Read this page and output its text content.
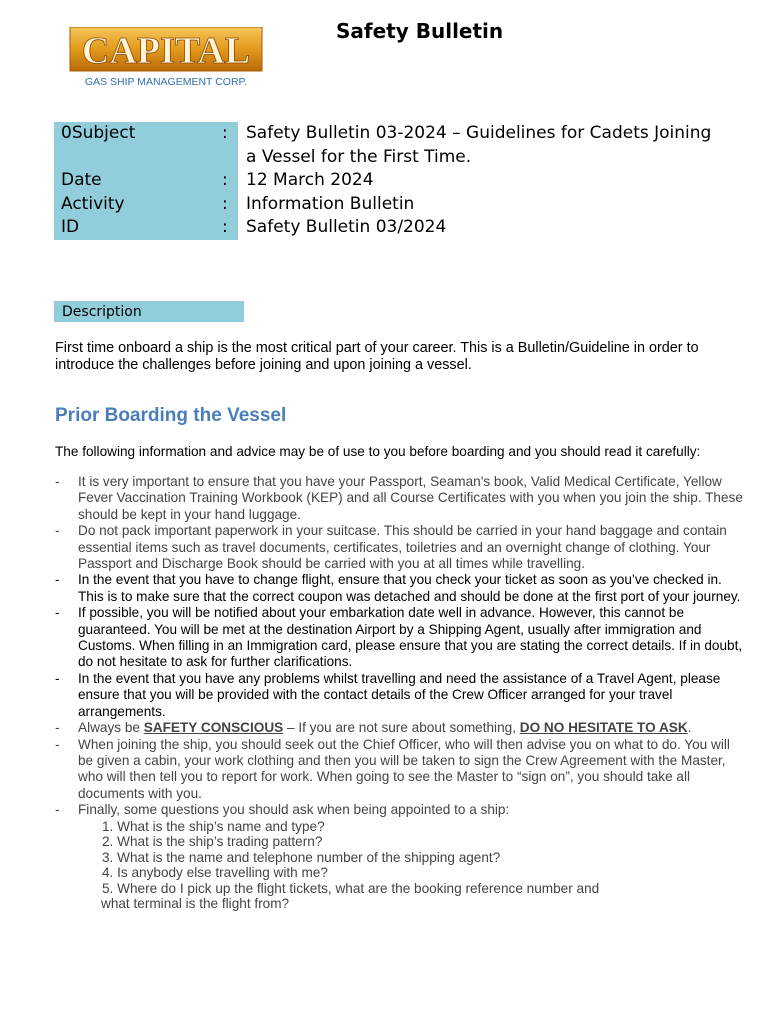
CAPITAL
GAS SHIP MANAGEMENT CORP.
Safety Bulletin
0Subject	:	Safety Bulletin 03-2024 – Guidelines for Cadets Joining a Vessel for the First Time.
Date	:	12 March 2024
Activity	:	Information Bulletin
ID	:	Safety Bulletin 03/2024
Description

First time onboard a ship is the most critical part of your career. This is a Bulletin/Guideline in order to introduce the challenges before joining and upon joining a vessel.

Prior Boarding the Vessel

The following information and advice may be of use to you before boarding and you should read it carefully:

- It is very important to ensure that you have your Passport, Seaman's book, Valid Medical Certificate, Yellow Fever Vaccination Training Workbook (KEP) and all Course Certificates with you when you join the ship. These should be kept in your hand luggage.
- Do not pack important paperwork in your suitcase. This should be carried in your hand baggage and contain essential items such as travel documents, certificates, toiletries and an overnight change of clothing. Your Passport and Discharge Book should be carried with you at all times while travelling.
- In the event that you have to change flight, ensure that you check your ticket as soon as you’ve checked in. This is to make sure that the correct coupon was detached and should be done at the first port of your journey.
- If possible, you will be notified about your embarkation date well in advance. However, this cannot be guaranteed. You will be met at the destination Airport by a Shipping Agent, usually after immigration and Customs. When filling in an Immigration card, please ensure that you are stating the correct details. If in doubt, do not hesitate to ask for further clarifications.
- In the event that you have any problems whilst travelling and need the assistance of a Travel Agent, please ensure that you will be provided with the contact details of the Crew Officer arranged for your travel arrangements.
- Always be SAFETY CONSCIOUS – If you are not sure about something, DO NO HESITATE TO ASK.
- When joining the ship, you should seek out the Chief Officer, who will then advise you on what to do. You will be given a cabin, your work clothing and then you will be taken to sign the Crew Agreement with the Master, who will then tell you to report for work. When going to see the Master to “sign on”, you should take all documents with you.
- Finally, some questions you should ask when being appointed to a ship:
1. What is the ship’s name and type?
2. What is the ship’s trading pattern?
3. What is the name and telephone number of the shipping agent?
4. Is anybody else travelling with me?
5. Where do I pick up the flight tickets, what are the booking reference number and
what terminal is the flight from?
